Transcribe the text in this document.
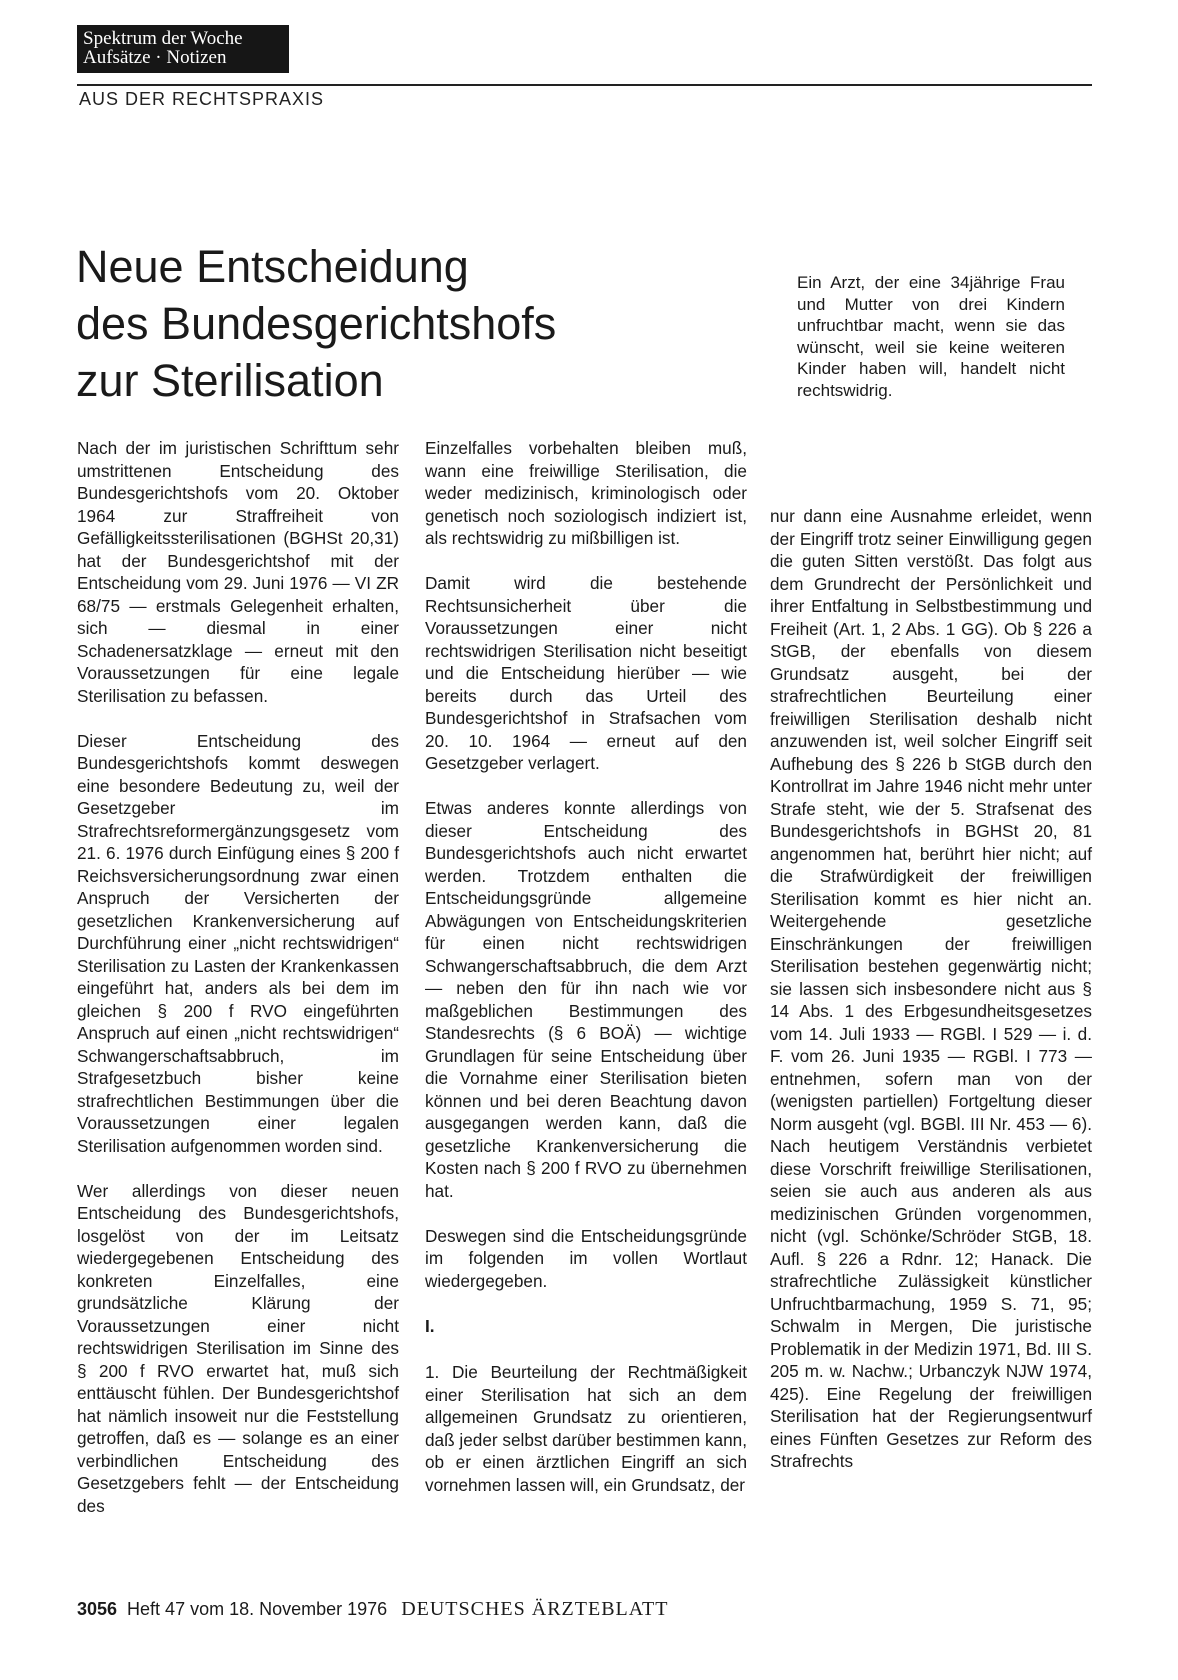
Spektrum der Woche
Aufsätze · Notizen
AUS DER RECHTSPRAXIS
Neue Entscheidung
des Bundesgerichtshofs
zur Sterilisation
Ein Arzt, der eine 34jährige Frau und Mutter von drei Kindern unfruchtbar macht, wenn sie das wünscht, weil sie keine weiteren Kinder haben will, handelt nicht rechtswidrig.

Nach der im juristischen Schrifttum sehr umstrittenen Entscheidung des Bundesgerichtshofs vom 20. Oktober 1964 zur Straffreiheit von Gefälligkeitssterilisationen (BGHSt 20,31) hat der Bundesgerichtshof mit der Entscheidung vom 29. Juni 1976 — VI ZR 68/75 — erstmals Gelegenheit erhalten, sich — diesmal in einer Schadenersatzklage — erneut mit den Voraussetzungen für eine legale Sterilisation zu befassen.

Dieser Entscheidung des Bundesgerichtshofs kommt deswegen eine besondere Bedeutung zu, weil der Gesetzgeber im Strafrechtsreformergänzungsgesetz vom 21. 6. 1976 durch Einfügung eines § 200 f Reichsversicherungsordnung zwar einen Anspruch der Versicherten der gesetzlichen Krankenversicherung auf Durchführung einer „nicht rechtswidrigen“ Sterilisation zu Lasten der Krankenkassen eingeführt hat, anders als bei dem im gleichen § 200 f RVO eingeführten Anspruch auf einen „nicht rechtswidrigen“ Schwangerschaftsabbruch, im Strafgesetzbuch bisher keine strafrechtlichen Bestimmungen über die Voraussetzungen einer legalen Sterilisation aufgenommen worden sind.

Wer allerdings von dieser neuen Entscheidung des Bundesgerichtshofs, losgelöst von der im Leitsatz wiedergegebenen Entscheidung des konkreten Einzelfalles, eine grundsätzliche Klärung der Voraussetzungen einer nicht rechtswidrigen Sterilisation im Sinne des § 200 f RVO erwartet hat, muß sich enttäuscht fühlen. Der Bundesgerichtshof hat nämlich insoweit nur die Feststellung getroffen, daß es — solange es an einer verbindlichen Entscheidung des Gesetzgebers fehlt — der Entscheidung des

Einzelfalles vorbehalten bleiben muß, wann eine freiwillige Sterilisation, die weder medizinisch, kriminologisch oder genetisch noch soziologisch indiziert ist, als rechtswidrig zu mißbilligen ist.

Damit wird die bestehende Rechtsunsicherheit über die Voraussetzungen einer nicht rechtswidrigen Sterilisation nicht beseitigt und die Entscheidung hierüber — wie bereits durch das Urteil des Bundesgerichtshof in Strafsachen vom 20. 10. 1964 — erneut auf den Gesetzgeber verlagert.

Etwas anderes konnte allerdings von dieser Entscheidung des Bundesgerichtshofs auch nicht erwartet werden. Trotzdem enthalten die Entscheidungsgründe allgemeine Abwägungen von Entscheidungskriterien für einen nicht rechtswidrigen Schwangerschaftsabbruch, die dem Arzt — neben den für ihn nach wie vor maßgeblichen Bestimmungen des Standesrechts (§ 6 BOÄ) — wichtige Grundlagen für seine Entscheidung über die Vornahme einer Sterilisation bieten können und bei deren Beachtung davon ausgegangen werden kann, daß die gesetzliche Krankenversicherung die Kosten nach § 200 f RVO zu übernehmen hat.

Deswegen sind die Entscheidungsgründe im folgenden im vollen Wortlaut wiedergegeben.

I.

1. Die Beurteilung der Rechtmäßigkeit einer Sterilisation hat sich an dem allgemeinen Grundsatz zu orientieren, daß jeder selbst darüber bestimmen kann, ob er einen ärztlichen Eingriff an sich vornehmen lassen will, ein Grundsatz, der

nur dann eine Ausnahme erleidet, wenn der Eingriff trotz seiner Einwilligung gegen die guten Sitten verstößt. Das folgt aus dem Grundrecht der Persönlichkeit und ihrer Entfaltung in Selbstbestimmung und Freiheit (Art. 1, 2 Abs. 1 GG). Ob § 226 a StGB, der ebenfalls von diesem Grundsatz ausgeht, bei der strafrechtlichen Beurteilung einer freiwilligen Sterilisation deshalb nicht anzuwenden ist, weil solcher Eingriff seit Aufhebung des § 226 b StGB durch den Kontrollrat im Jahre 1946 nicht mehr unter Strafe steht, wie der 5. Strafsenat des Bundesgerichtshofs in BGHSt 20, 81 angenommen hat, berührt hier nicht; auf die Strafwürdigkeit der freiwilligen Sterilisation kommt es hier nicht an. Weitergehende gesetzliche Einschränkungen der freiwilligen Sterilisation bestehen gegenwärtig nicht; sie lassen sich insbesondere nicht aus § 14 Abs. 1 des Erbgesundheitsgesetzes vom 14. Juli 1933 — RGBl. I 529 — i. d. F. vom 26. Juni 1935 — RGBl. I 773 — entnehmen, sofern man von der (wenigsten partiellen) Fortgeltung dieser Norm ausgeht (vgl. BGBl. III Nr. 453 — 6). Nach heutigem Verständnis verbietet diese Vorschrift freiwillige Sterilisationen, seien sie auch aus anderen als aus medizinischen Gründen vorgenommen, nicht (vgl. Schönke/Schröder StGB, 18. Aufl. § 226 a Rdnr. 12; Hanack. Die strafrechtliche Zulässigkeit künstlicher Unfruchtbarmachung, 1959 S. 71, 95; Schwalm in Mergen, Die juristische Problematik in der Medizin 1971, Bd. III S. 205 m. w. Nachw.; Urbanczyk NJW 1974, 425). Eine Regelung der freiwilligen Sterilisation hat der Regierungsentwurf eines Fünften Gesetzes zur Reform des Strafrechts

3056 Heft 47 vom 18. November 1976 DEUTSCHES ÄRZTEBLATT
